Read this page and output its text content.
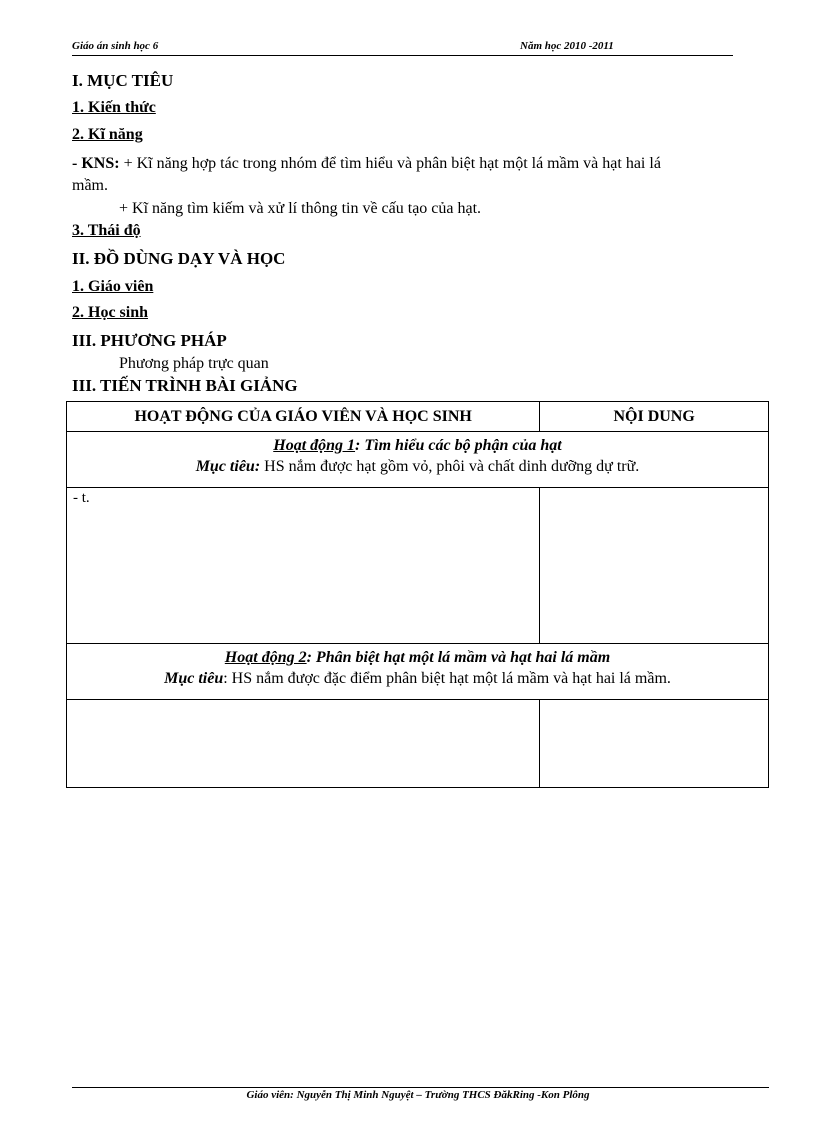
Giáo án sinh học 6	Năm học 2010 -2011
I. MỤC TIÊU
1. Kiến thức
2. Kĩ năng
- KNS: + Kĩ năng hợp tác trong nhóm để tìm hiểu và phân biệt hạt một lá mầm và hạt hai lá
mầm.
+ Kĩ năng tìm kiếm và xử lí thông tin về cấu tạo của hạt.
3. Thái độ
II. ĐỒ DÙNG DẠY VÀ HỌC
1. Giáo viên
2. Học sinh
III. PHƯƠNG PHÁP
Phương pháp trực quan
III. TIẾN TRÌNH BÀI GIẢNG
HOẠT ĐỘNG CỦA GIÁO VIÊN VÀ HỌC SINH	NỘI DUNG

Hoạt động 1: Tìm hiểu các bộ phận của hạt
Mục tiêu: HS nắm được hạt gồm vỏ, phôi và chất dinh dưỡng dự trữ.	

- t.	

Hoạt động 2: Phân biệt hạt một lá mầm và hạt hai lá mầm
Mục tiêu: HS nắm được đặc điểm phân biệt hạt một lá mầm và hạt hai lá mầm.	

Giáo viên: Nguyễn Thị Minh Nguyệt – Trường THCS ĐăkRing -Kon Plông
